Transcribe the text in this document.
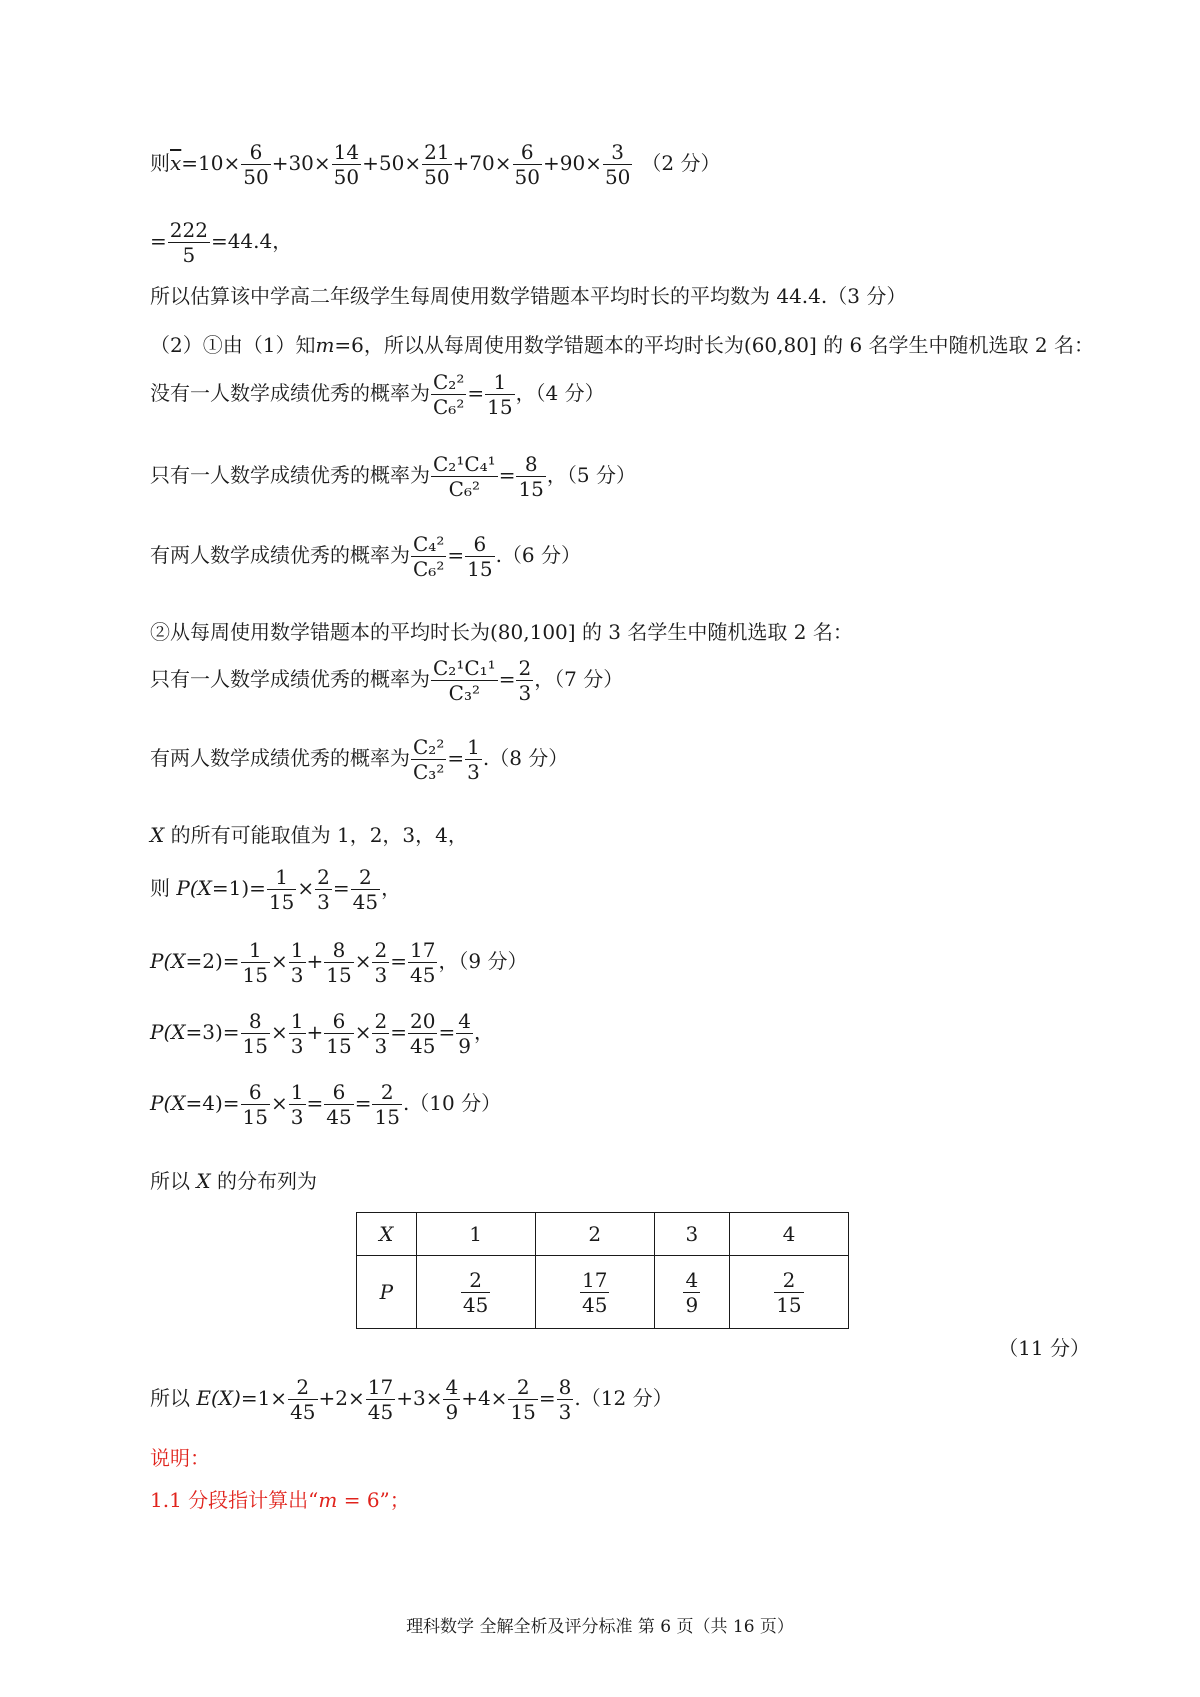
则$\overline{x}=10\times \frac{6}{50} +30\times \frac{14}{50} +50\times \frac{21}{50} +70\times \frac{6}{50} +90\times \frac{3}{50} (2$ 分）
= $\frac{222}{5} =44.4$，
所以估算该中学高二年级学生每周使用数学错题本平均时长的平均数为 44.4.（3 分）
（2）①由（1）知m=6，所以从每周使用数学错题本的平均时长为(60,80] 的 6 名学生中随机选取 2 名：
没有一人数学成绩优秀的概率为 $\frac{\text{C₂²}}{\text{C₆²}} = \frac{1}{15}$ ，（4 分）
只有一人数学成绩优秀的概率为 $\frac{\text{C₂¹C₄¹}}{\text{C₆²}} = \frac{8}{15}$ ，（5 分）
有两人数学成绩优秀的概率为 $\frac{\text{C₄²}}{\text{C₆²}} = \frac{6}{15} .(6$ 分）
②从每周使用数学错题本的平均时长为(80,100] 的 3 名学生中随机选取 2 名：
只有一人数学成绩优秀的概率为 $\frac{\text{C₂¹C₁¹}}{\text{C₃²}} = \frac{2}{3}$ ，（7 分）
有两人数学成绩优秀的概率为 $\frac{\text{C₂²}}{\text{C₃²}} = \frac{1}{3} .(8$ 分）
X 的所有可能取值为 1，2，3，4，
则 $P(X=1)= \frac{1}{15} \times \frac{2}{3} = \frac{2}{45}$ ，
$P(X=2)= \frac{1}{15} \times \frac{1}{3} + \frac{8}{15} \times \frac{2}{3} = \frac{17}{45}$ ，（9 分）
$P(X=3)= \frac{8}{15} \times \frac{1}{3} + \frac{6}{15} \times \frac{2}{3} = \frac{20}{45} = \frac{4}{9}$ ，
$P(X=4)= \frac{6}{15} \times \frac{1}{3} = \frac{6}{45} = \frac{2}{15} .(10$ 分）
所以 X 的分布列为
X	1	2	3	4
P	$\frac{2}{45}$	$\frac{17}{45}$	$\frac{4}{9}$	$\frac{2}{15}$
（11 分）
所以 $E(X)=1\times \frac{2}{45} +2\times \frac{17}{45} +3\times \frac{4}{9} +4\times \frac{2}{15} = \frac{8}{3} .(12$ 分）
说明：
1.1 分段指计算出“m = 6”；
理科数学 全解全析及评分标准 第 6 页（共 16 页）
